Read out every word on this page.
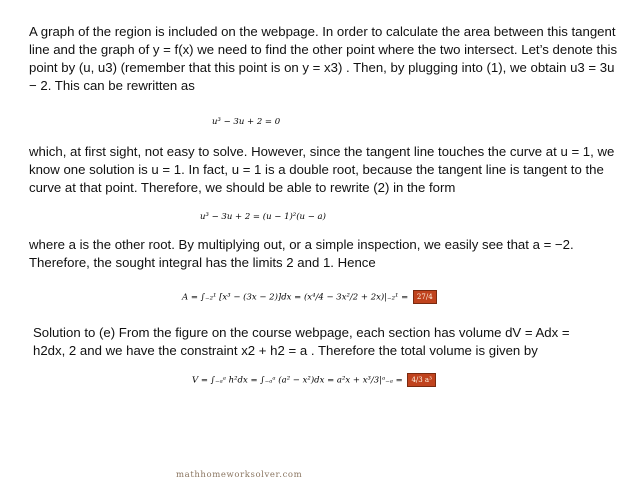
A graph of the region is included on the webpage. In order to calculate the area between this tangent line and the graph of y = f(x) we need to find the other point where the two intersect. Let’s denote this point by (u, u3) (remember that this point is on y = x3) . Then, by plugging into (1), we obtain u3 = 3u − 2. This can be rewritten as

u³ − 3u + 2 = 0

which, at first sight, not easy to solve. However, since the tangent line touches the curve at u = 1, we know one solution is u = 1. In fact, u = 1 is a double root, because the tangent line is tangent to the curve at that point. Therefore, we should be able to rewrite (2) in the form

u³ − 3u + 2 = (u − 1)²(u − a)

where a is the other root. By multiplying out, or a simple inspection, we easily see that a = −2. Therefore, the sought integral has the limits 2 and 1. Hence

A = ∫₋₂¹ [x³ − (3x − 2)]dx = (x⁴/4 − 3x²/2 + 2x)|₋₂¹ = 27/4

Solution to (e) From the figure on the course webpage, each section has volume dV = Adx = h2dx, 2 and we have the constraint x2 + h2 = a . Therefore the total volume is given by

V = ∫₋ₐᵃ h²dx = ∫₋ₐᵃ (a² − x²)dx = a²x + x³/3|ᵃ₋ₐ = 4/3 a³

mathhomeworksolver.com
